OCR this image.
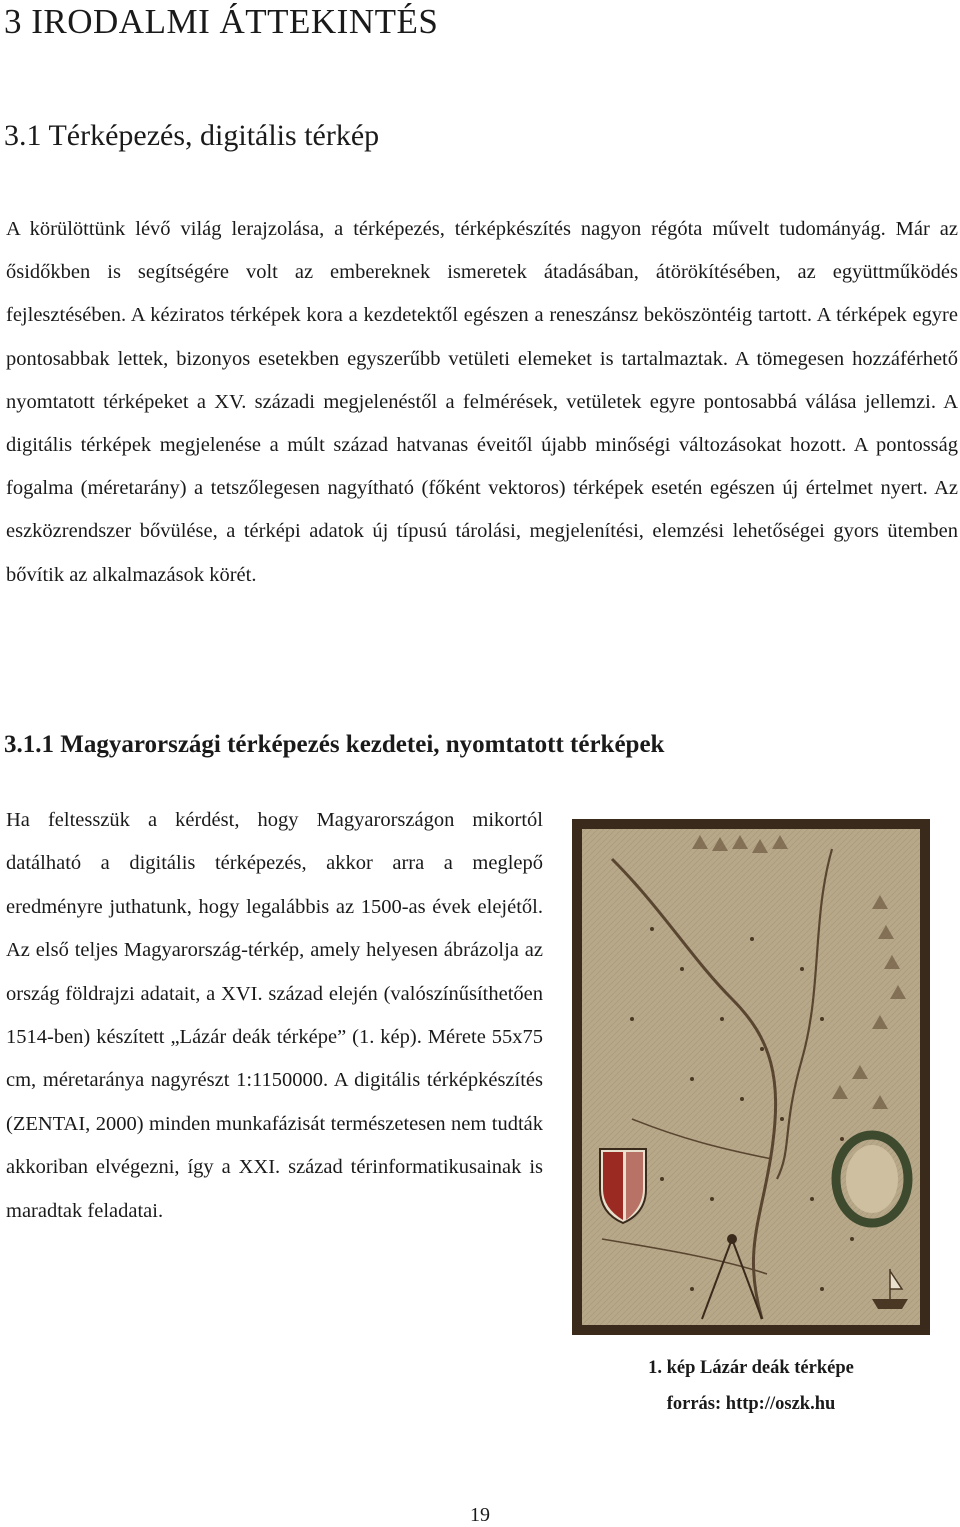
3 IRODALMI ÁTTEKINTÉS
3.1 Térképezés, digitális térkép

A körülöttünk lévő világ lerajzolása, a térképezés, térképkészítés nagyon régóta művelt tudományág. Már az ősidőkben is segítségére volt az embereknek ismeretek átadásában, átörökítésében, az együttműködés fejlesztésében. A kéziratos térképek kora a kezdetektől egészen a reneszánsz beköszöntéig tartott. A térképek egyre pontosabbak lettek, bizonyos esetekben egyszerűbb vetületi elemeket is tartalmaztak. A tömegesen hozzáférhető nyomtatott térképeket a XV. századi megjelenéstől a felmérések, vetületek egyre pontosabbá válása jellemzi. A digitális térképek megjelenése a múlt század hatvanas éveitől újabb minőségi változásokat hozott. A pontosság fogalma (méretarány) a tetszőlegesen nagyítható (főként vektoros) térképek esetén egészen új értelmet nyert. Az eszközrendszer bővülése, a térképi adatok új típusú tárolási, megjelenítési, elemzési lehetőségei gyors ütemben bővítik az alkalmazások körét.

3.1.1 Magyarországi térképezés kezdetei, nyomtatott térképek

Ha feltesszük a kérdést, hogy Magyarországon mikortól datálható a digitális térképezés, akkor arra a meglepő eredményre juthatunk, hogy legalábbis az 1500-as évek elejétől. Az első teljes Magyarország-térkép, amely helyesen ábrázolja az ország földrajzi adatait, a XVI. század elején (valószínűsíthetően 1514-ben) készített „Lázár deák térképe” (1. kép). Mérete 55x75 cm, méretaránya nagyrészt 1:1150000. A digitális térképkészítés (ZENTAI, 2000) minden munkafázisát természetesen nem tudták akkoriban elvégezni, így a XXI. század térinformatikusainak is maradtak feladatai.

1. kép Lázár deák térképe
forrás: http://oszk.hu
19
